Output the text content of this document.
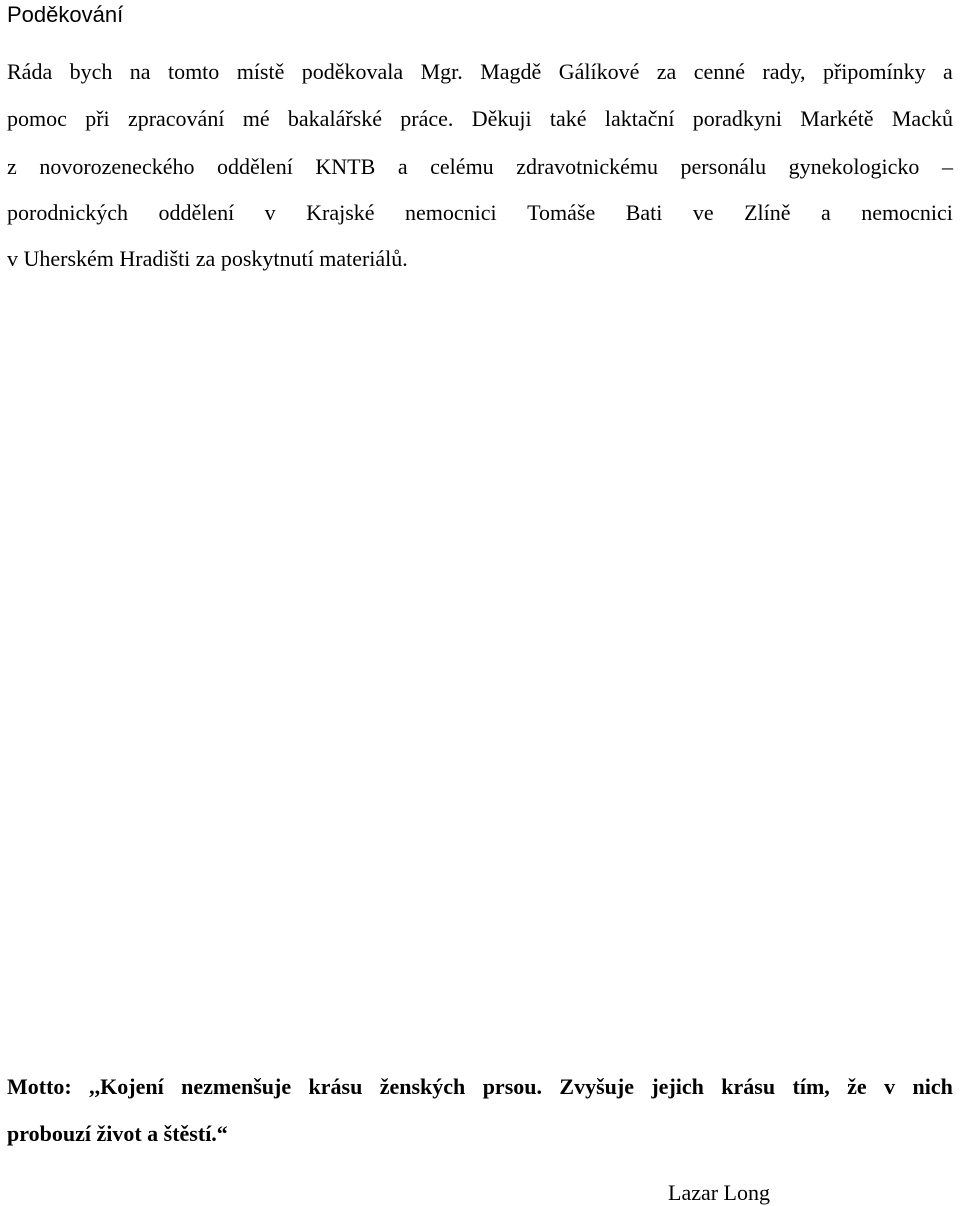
Poděkování
Ráda bych na tomto místě poděkovala Mgr. Magdě Gálíkové za cenné rady, připomínky a
pomoc při zpracování mé bakalářské práce. Děkuji také laktační poradkyni Markétě Macků
z novorozeneckého oddělení KNTB a celému zdravotnickému personálu gynekologicko –
porodnických oddělení v Krajské nemocnici Tomáše Bati ve Zlíně a nemocnici
v Uherském Hradišti za poskytnutí materiálů.
Motto: ,,Kojení nezmenšuje krásu ženských prsou. Zvyšuje jejich krásu tím, že v nich
probouzí život a štěstí.“
Lazar Long
